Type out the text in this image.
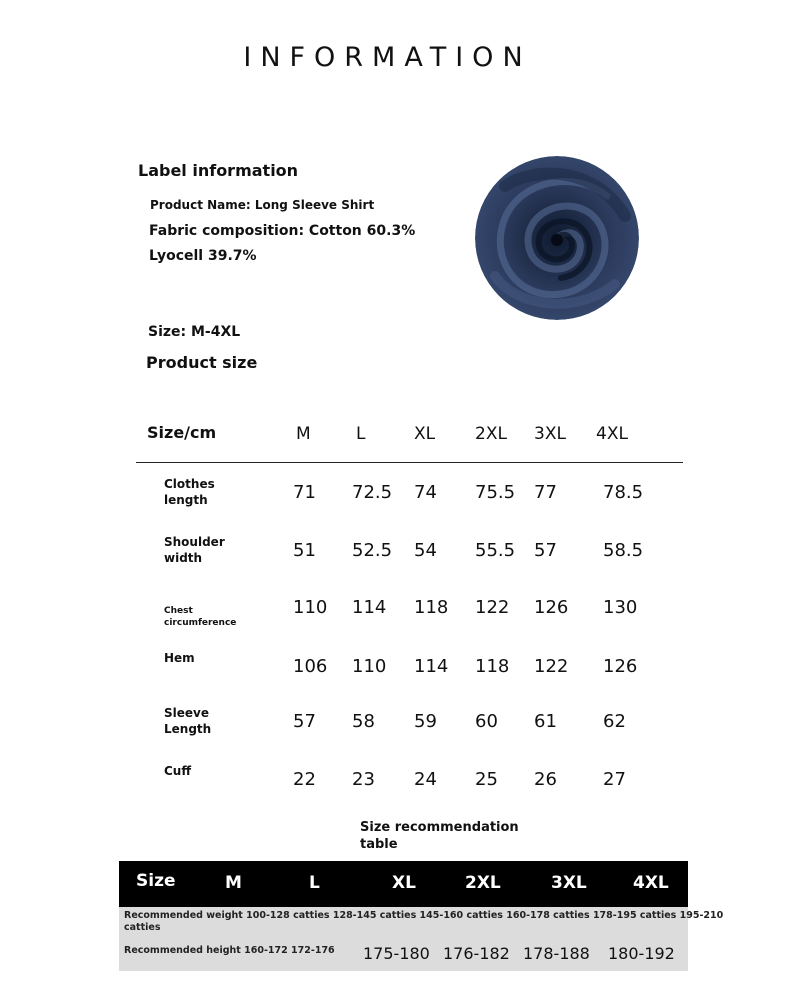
INFORMATION
Label information
Product Name: Long Sleeve Shirt
Fabric composition: Cotton 60.3%
Lyocell 39.7%
Size: M-4XL
Product size
Size/cm	M	L	XL 2XL 3XL 4XL
Clothes
length	71 72.5 74 75.5 77	78.5
Shoulder
width	51 52.5 54 55.5 57	58.5
Chest
circumference
110 114 118 122 126 130
Hem	106 110 114 118 122 126
Sleeve
Length	57 58 59 60 61	62
Cuff	22 23 24 25 26	27
Size recommendation
table
Size	M	L	XL	2XL	3XL	4XL
Recommended weight 100-128 catties 128-145 catties 145-160 catties 160-178 catties 178-195 catties 195-210
catties
Recommended height 160-172 172-176 175-180 176-182 178-188 180-192
